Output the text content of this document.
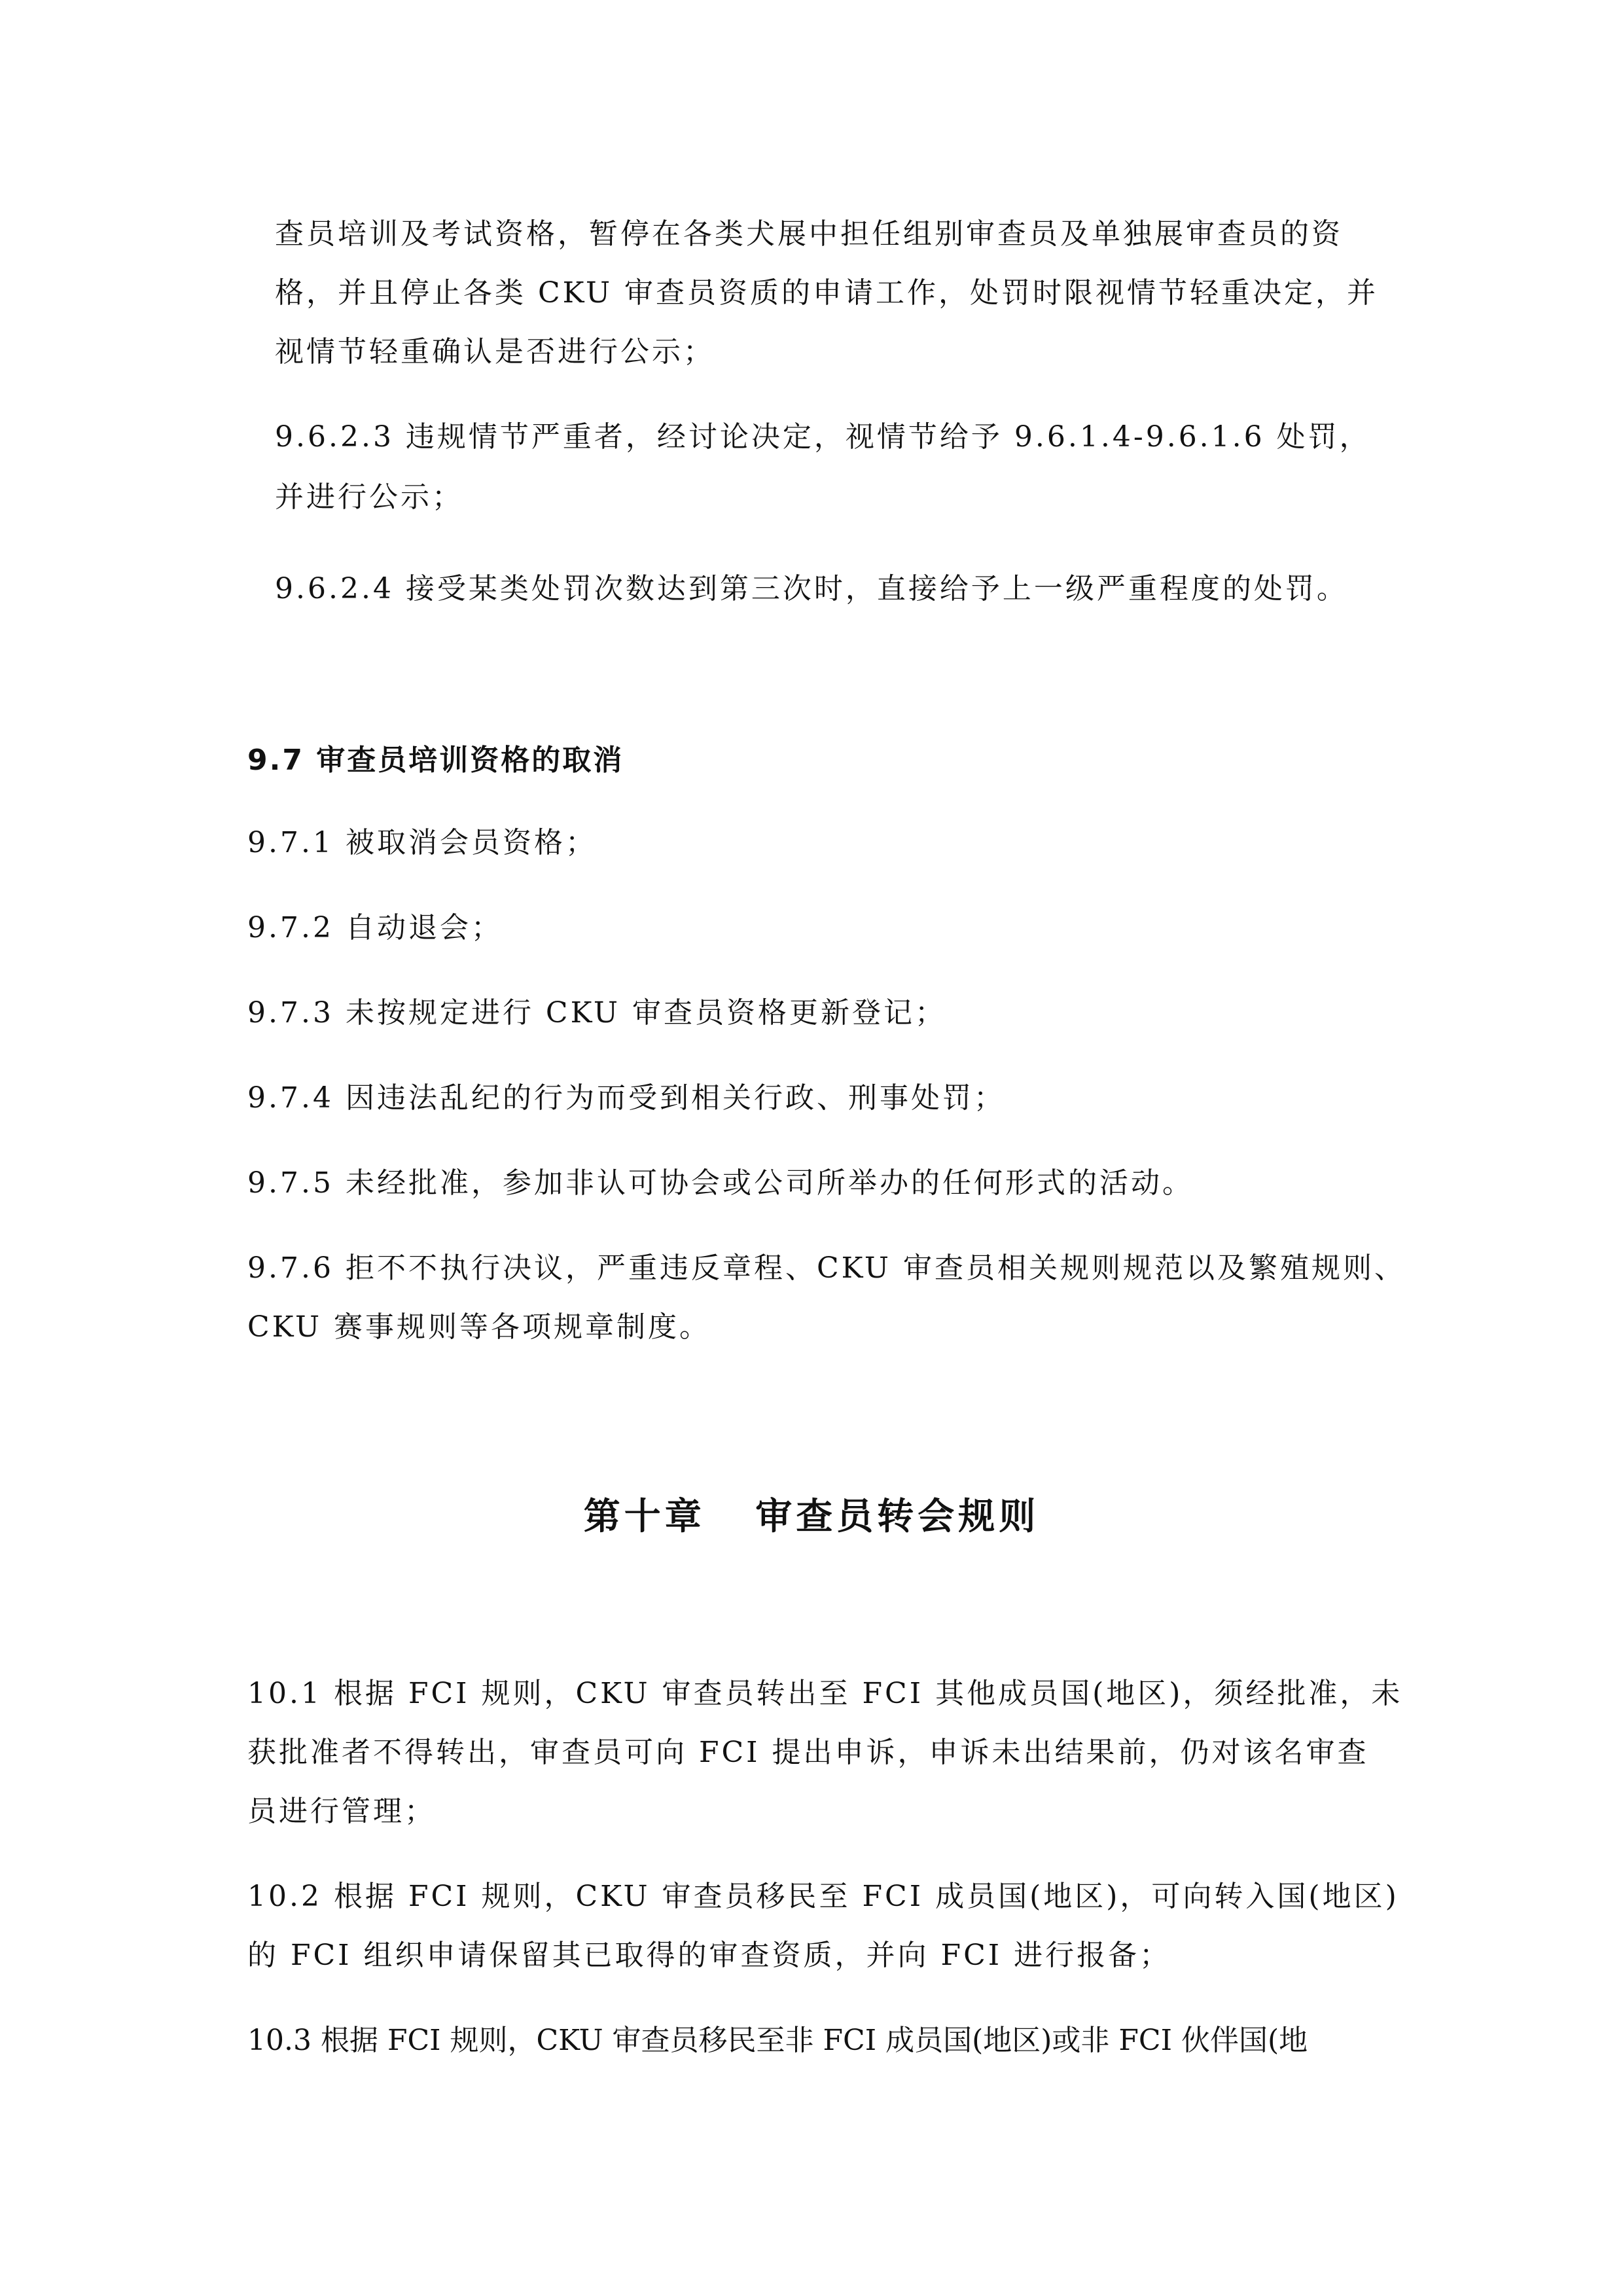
查员培训及考试资格，暂停在各类犬展中担任组别审查员及单独展审查员的资
格，并且停止各类 CKU 审查员资质的申请工作，处罚时限视情节轻重决定，并
视情节轻重确认是否进行公示；
9.6.2.3 违规情节严重者，经讨论决定，视情节给予 9.6.1.4-9.6.1.6 处罚，
并进行公示；
9.6.2.4 接受某类处罚次数达到第三次时，直接给予上一级严重程度的处罚。
9.7 审查员培训资格的取消
9.7.1 被取消会员资格；
9.7.2 自动退会；
9.7.3 未按规定进行 CKU 审查员资格更新登记；
9.7.4 因违法乱纪的行为而受到相关行政、刑事处罚；
9.7.5 未经批准，参加非认可协会或公司所举办的任何形式的活动。
9.7.6 拒不不执行决议，严重违反章程、CKU 审查员相关规则规范以及繁殖规则、
CKU 赛事规则等各项规章制度。
第十章   审查员转会规则
10.1 根据 FCI 规则，CKU 审查员转出至 FCI 其他成员国(地区)，须经批准，未
获批准者不得转出，审查员可向 FCI 提出申诉，申诉未出结果前，仍对该名审查
员进行管理；
10.2 根据 FCI 规则，CKU 审查员移民至 FCI 成员国(地区)，可向转入国(地区)
的 FCI 组织申请保留其已取得的审查资质，并向 FCI 进行报备；
10.3 根据 FCI 规则，CKU 审查员移民至非 FCI 成员国(地区)或非 FCI 伙伴国(地
